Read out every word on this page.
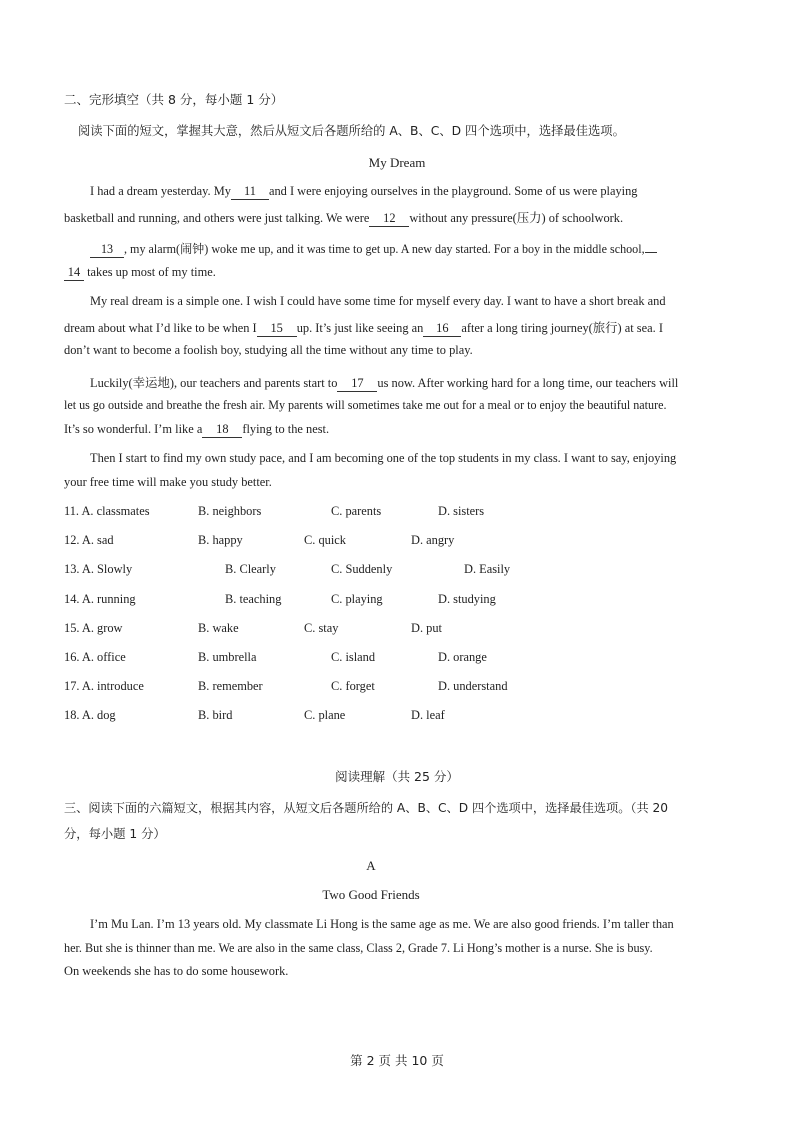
二、完形填空（共 8 分，每小题 1 分）
阅读下面的短文，掌握其大意，然后从短文后各题所给的 A、B、C、D 四个选项中，选择最佳选项。
My Dream
I had a dream yesterday. My 11 and I were enjoying ourselves in the playground. Some of us were playing
basketball and running, and others were just talking. We were 12 without any pressure(压力) of schoolwork.
13 , my alarm(闹钟) woke me up, and it was time to get up. A new day started. For a boy in the middle school,
14 takes up most of my time.
My real dream is a simple one. I wish I could have some time for myself every day. I want to have a short break and
dream about what I’d like to be when I 15 up. It’s just like seeing an 16 after a long tiring journey(旅行) at sea. I
don’t want to become a foolish boy, studying all the time without any time to play.
Luckily(幸运地), our teachers and parents start to 17 us now. After working hard for a long time, our teachers will
let us go outside and breathe the fresh air. My parents will sometimes take me out for a meal or to enjoy the beautiful nature.
It’s so wonderful. I’m like a 18 flying to the nest.
Then I start to find my own study pace, and I am becoming one of the top students in my class. I want to say, enjoying
your free time will make you study better.
11. A. classmates	B. neighbors	C. parents	D. sisters
12. A. sad	B. happy	C. quick	D. angry
13. A. Slowly	B. Clearly	C. Suddenly	D. Easily
14. A. running	B. teaching	C. playing	D. studying
15. A. grow	B. wake	C. stay	D. put
16. A. office	B. umbrella	C. island	D. orange
17. A. introduce	B. remember	C. forget	D. understand
18. A. dog	B. bird	C. plane	D. leaf
阅读理解（共 25 分）
三、阅读下面的六篇短文，根据其内容，从短文后各题所给的 A、B、C、D 四个选项中，选择最佳选项。（共 20
分，每小题 1 分）
A
Two Good Friends
I’m Mu Lan. I’m 13 years old. My classmate Li Hong is the same age as me. We are also good friends. I’m taller than
her. But she is thinner than me. We are also in the same class, Class 2, Grade 7. Li Hong’s mother is a nurse. She is busy.
On weekends she has to do some housework.
第 2 页 共 10 页
